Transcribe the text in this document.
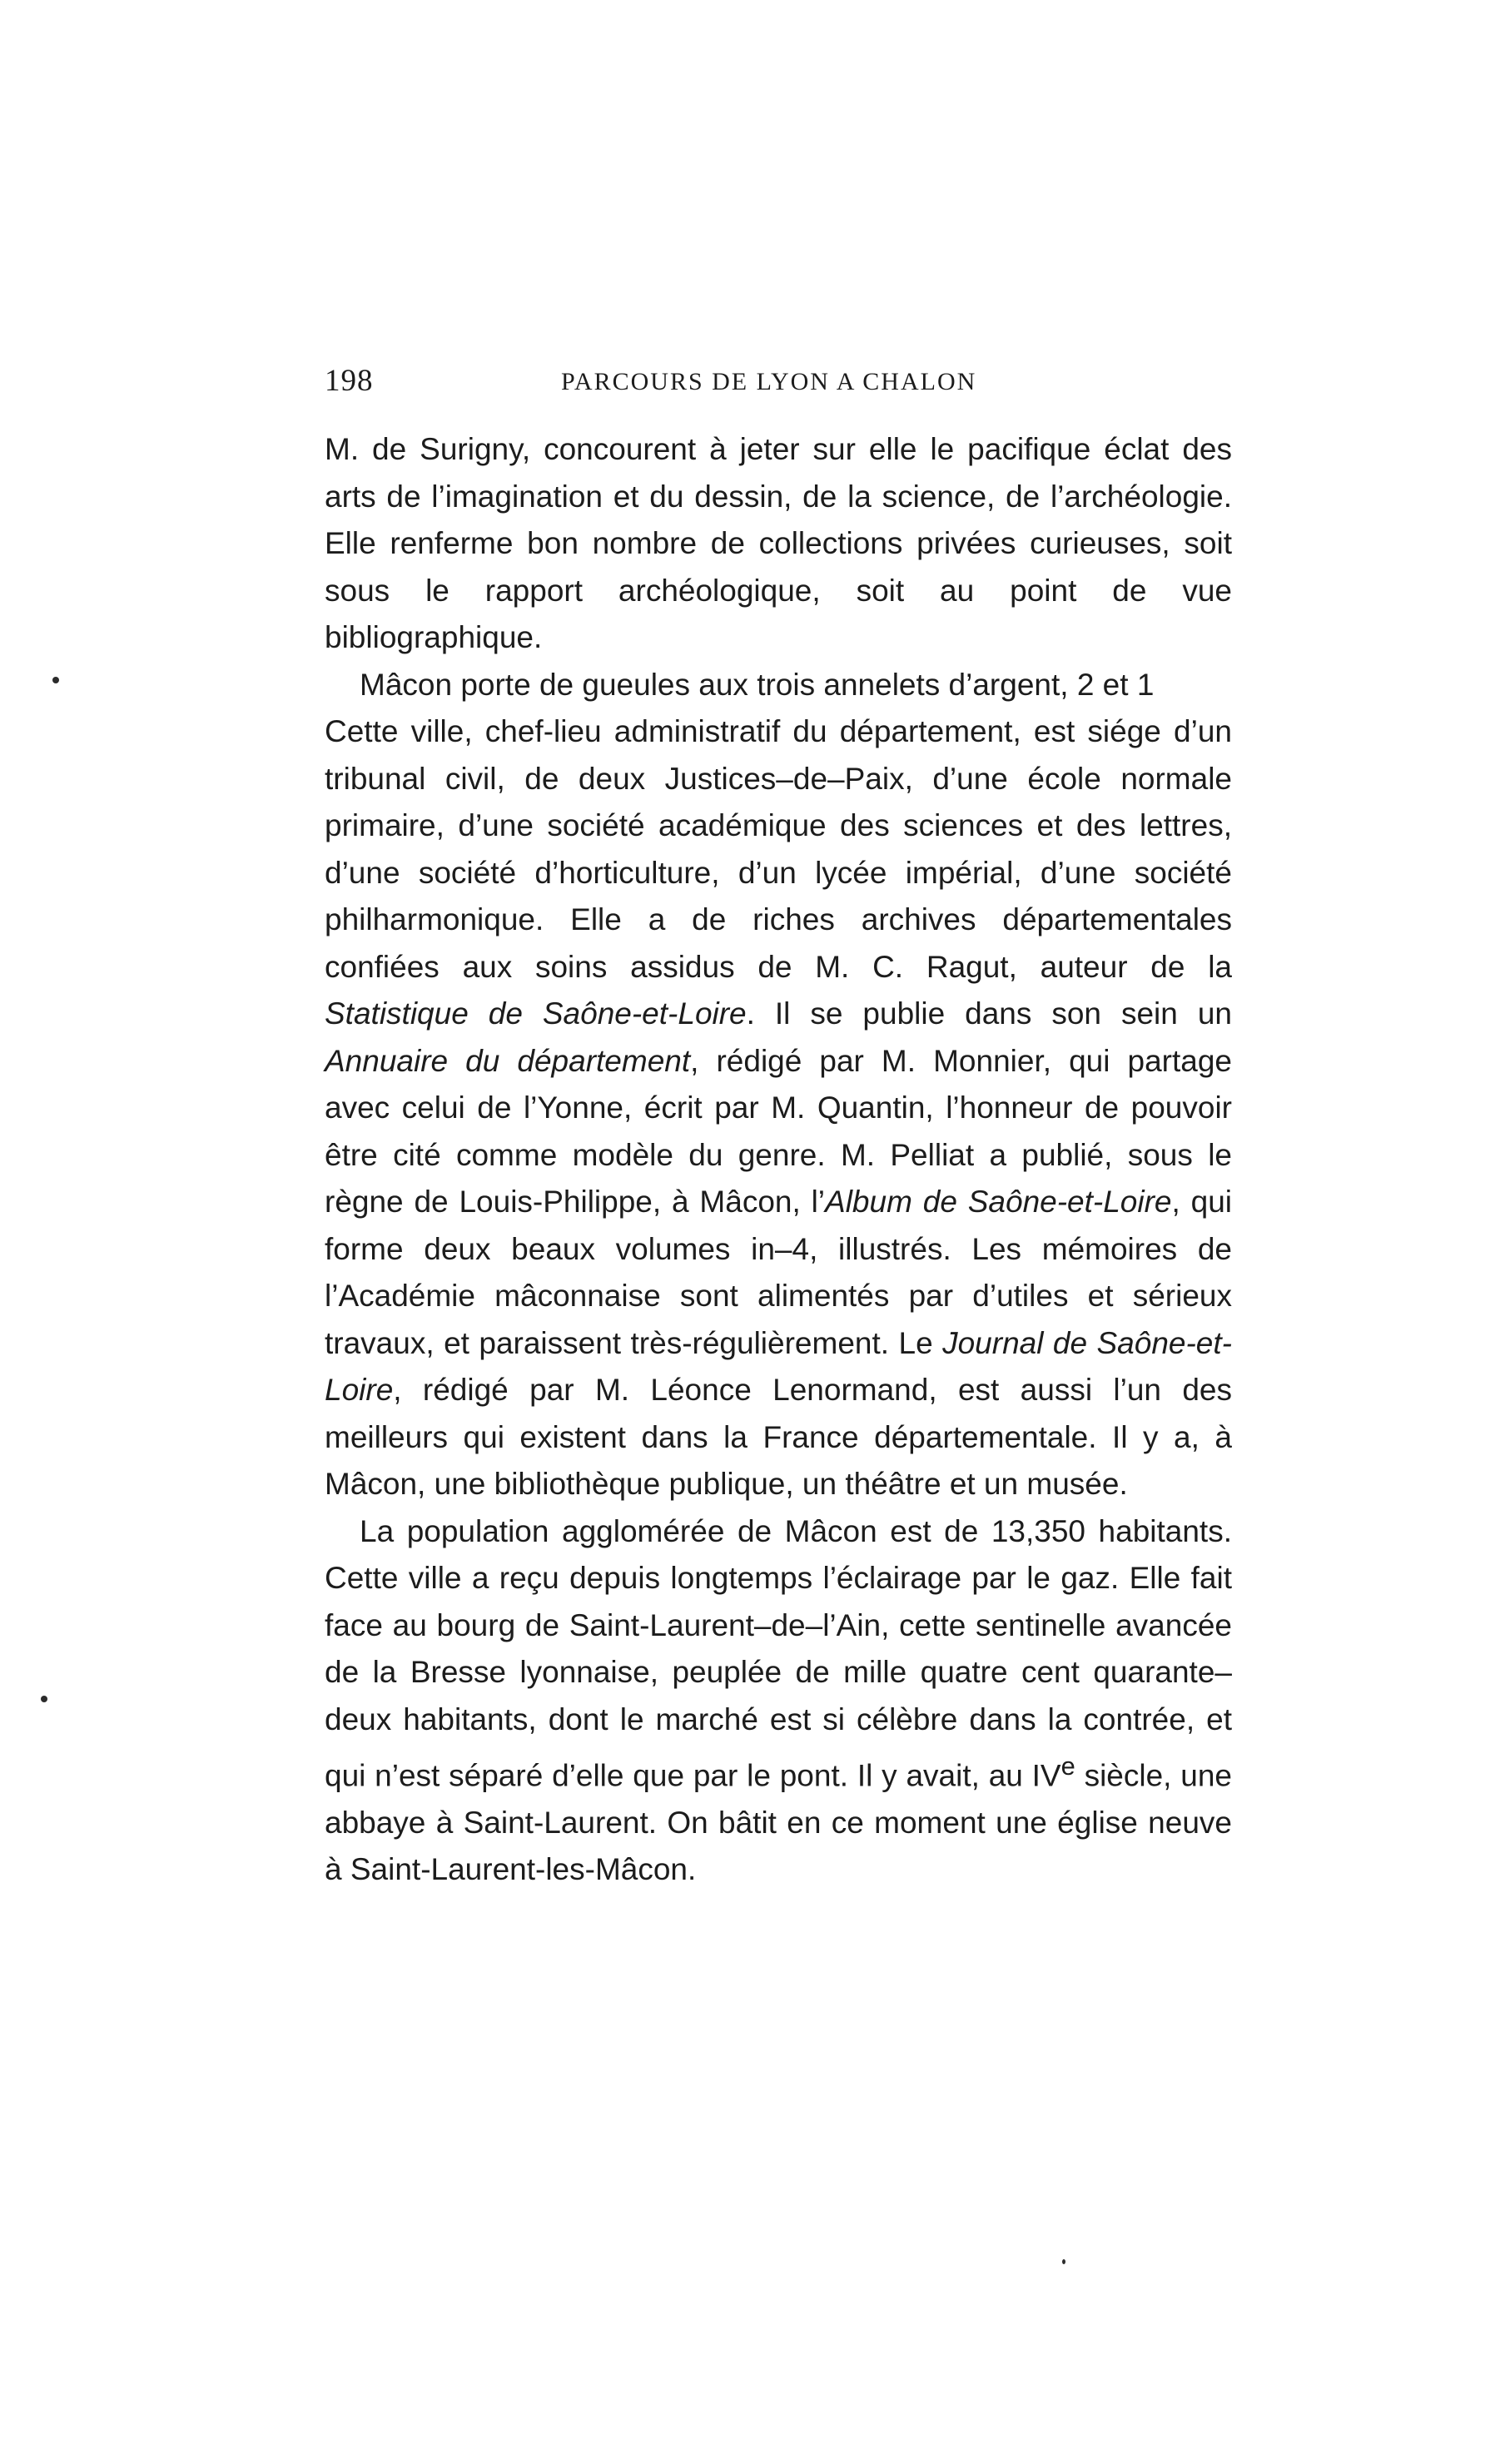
198	PARCOURS DE LYON A CHALON

M. de Surigny, concourent à jeter sur elle le pacifique éclat des arts de l’imagination et du dessin, de la science, de l’archéologie. Elle renferme bon nombre de collections privées curieuses, soit sous le rapport archéologique, soit au point de vue bibliographique.

Mâcon porte de gueules aux trois annelets d’argent, 2 et 1

Cette ville, chef-lieu administratif du département, est siége d’un tribunal civil, de deux Justices–de–Paix, d’une école normale primaire, d’une société académique des sciences et des lettres, d’une société d’horticulture, d’un lycée impérial, d’une société philharmonique. Elle a de riches archives départementales confiées aux soins assidus de M. C. Ragut, auteur de la Statistique de Saône-et-Loire. Il se publie dans son sein un Annuaire du département, rédigé par M. Monnier, qui partage avec celui de l’Yonne, écrit par M. Quantin, l’honneur de pouvoir être cité comme modèle du genre. M. Pelliat a publié, sous le règne de Louis-Philippe, à Mâcon, l’Album de Saône-et-Loire, qui forme deux beaux volumes in–4, illustrés. Les mémoires de l’Académie mâconnaise sont alimentés par d’utiles et sérieux travaux, et paraissent très-régulièrement. Le Journal de Saône-et-Loire, rédigé par M. Léonce Lenormand, est aussi l’un des meilleurs qui existent dans la France départementale. Il y a, à Mâcon, une bibliothèque publique, un théâtre et un musée.

La population agglomérée de Mâcon est de 13,350 habitants. Cette ville a reçu depuis longtemps l’éclairage par le gaz. Elle fait face au bourg de Saint-Laurent–de–l’Ain, cette sentinelle avancée de la Bresse lyonnaise, peuplée de mille quatre cent quarante–deux habitants, dont le marché est si célèbre dans la contrée, et qui n’est séparé d’elle que par le pont. Il y avait, au IVe siècle, une abbaye à Saint-Laurent. On bâtit en ce moment une église neuve à Saint-Laurent-les-Mâcon.
